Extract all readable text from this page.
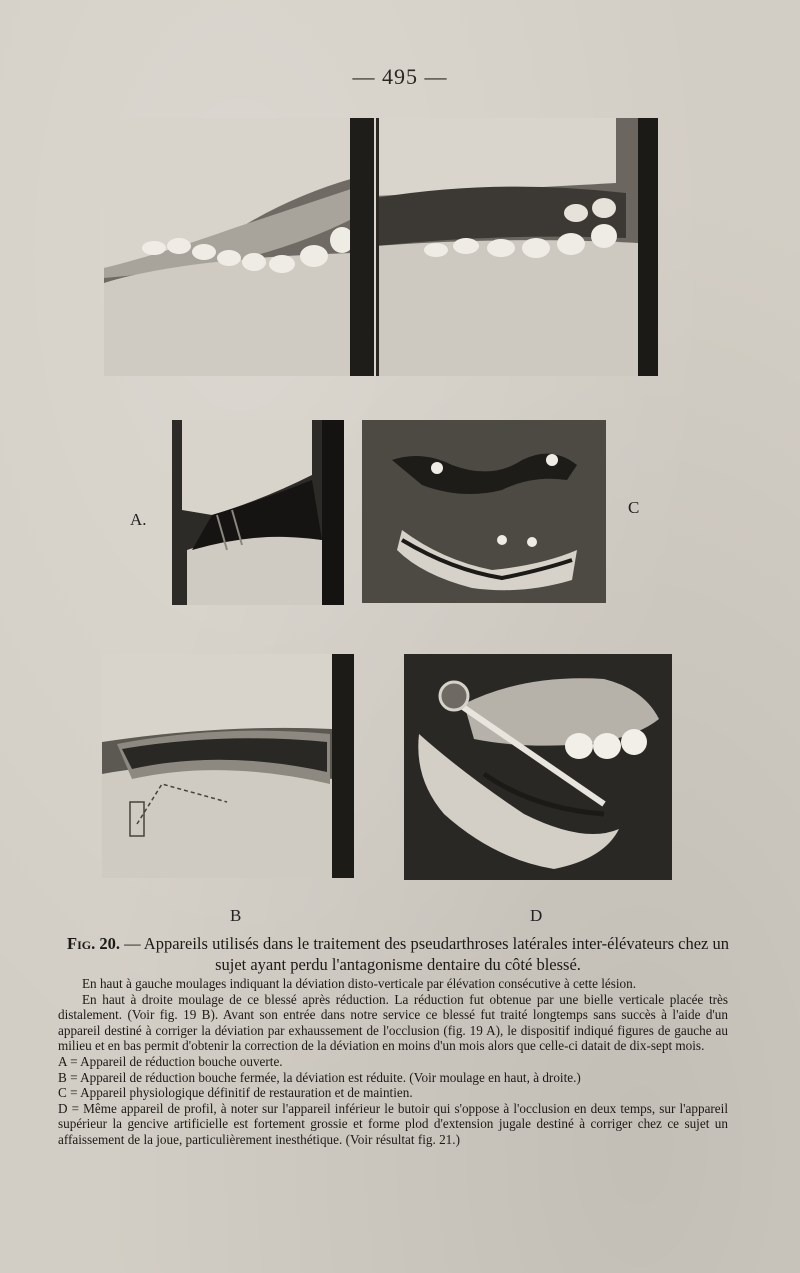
— 495 —
A.
C
B	D
Fig. 20. — Appareils utilisés dans le traitement des pseudarthroses latérales inter-élévateurs chez un sujet ayant perdu l'antagonisme dentaire du côté blessé.

En haut à gauche moulages indiquant la déviation disto-verticale par élévation consécutive à cette lésion.

En haut à droite moulage de ce blessé après réduction. La réduction fut obtenue par une bielle verticale placée très distalement. (Voir fig. 19 B). Avant son entrée dans notre service ce blessé fut traité longtemps sans succès à l'aide d'un appareil destiné à corriger la déviation par exhaussement de l'occlusion (fig. 19 A), le dispositif indiqué figures de gauche au milieu et en bas permit d'obtenir la correction de la déviation en moins d'un mois alors que celle-ci datait de dix-sept mois.

A = Appareil de réduction bouche ouverte.

B = Appareil de réduction bouche fermée, la déviation est réduite. (Voir moulage en haut, à droite.)

C = Appareil physiologique définitif de restauration et de maintien.

D = Même appareil de profil, à noter sur l'appareil inférieur le butoir qui s'oppose à l'occlusion en deux temps, sur l'appareil supérieur la gencive artificielle est fortement grossie et forme plod d'extension jugale destiné à corriger chez ce sujet un affaissement de la joue, particulièrement inesthétique. (Voir résultat fig. 21.)
